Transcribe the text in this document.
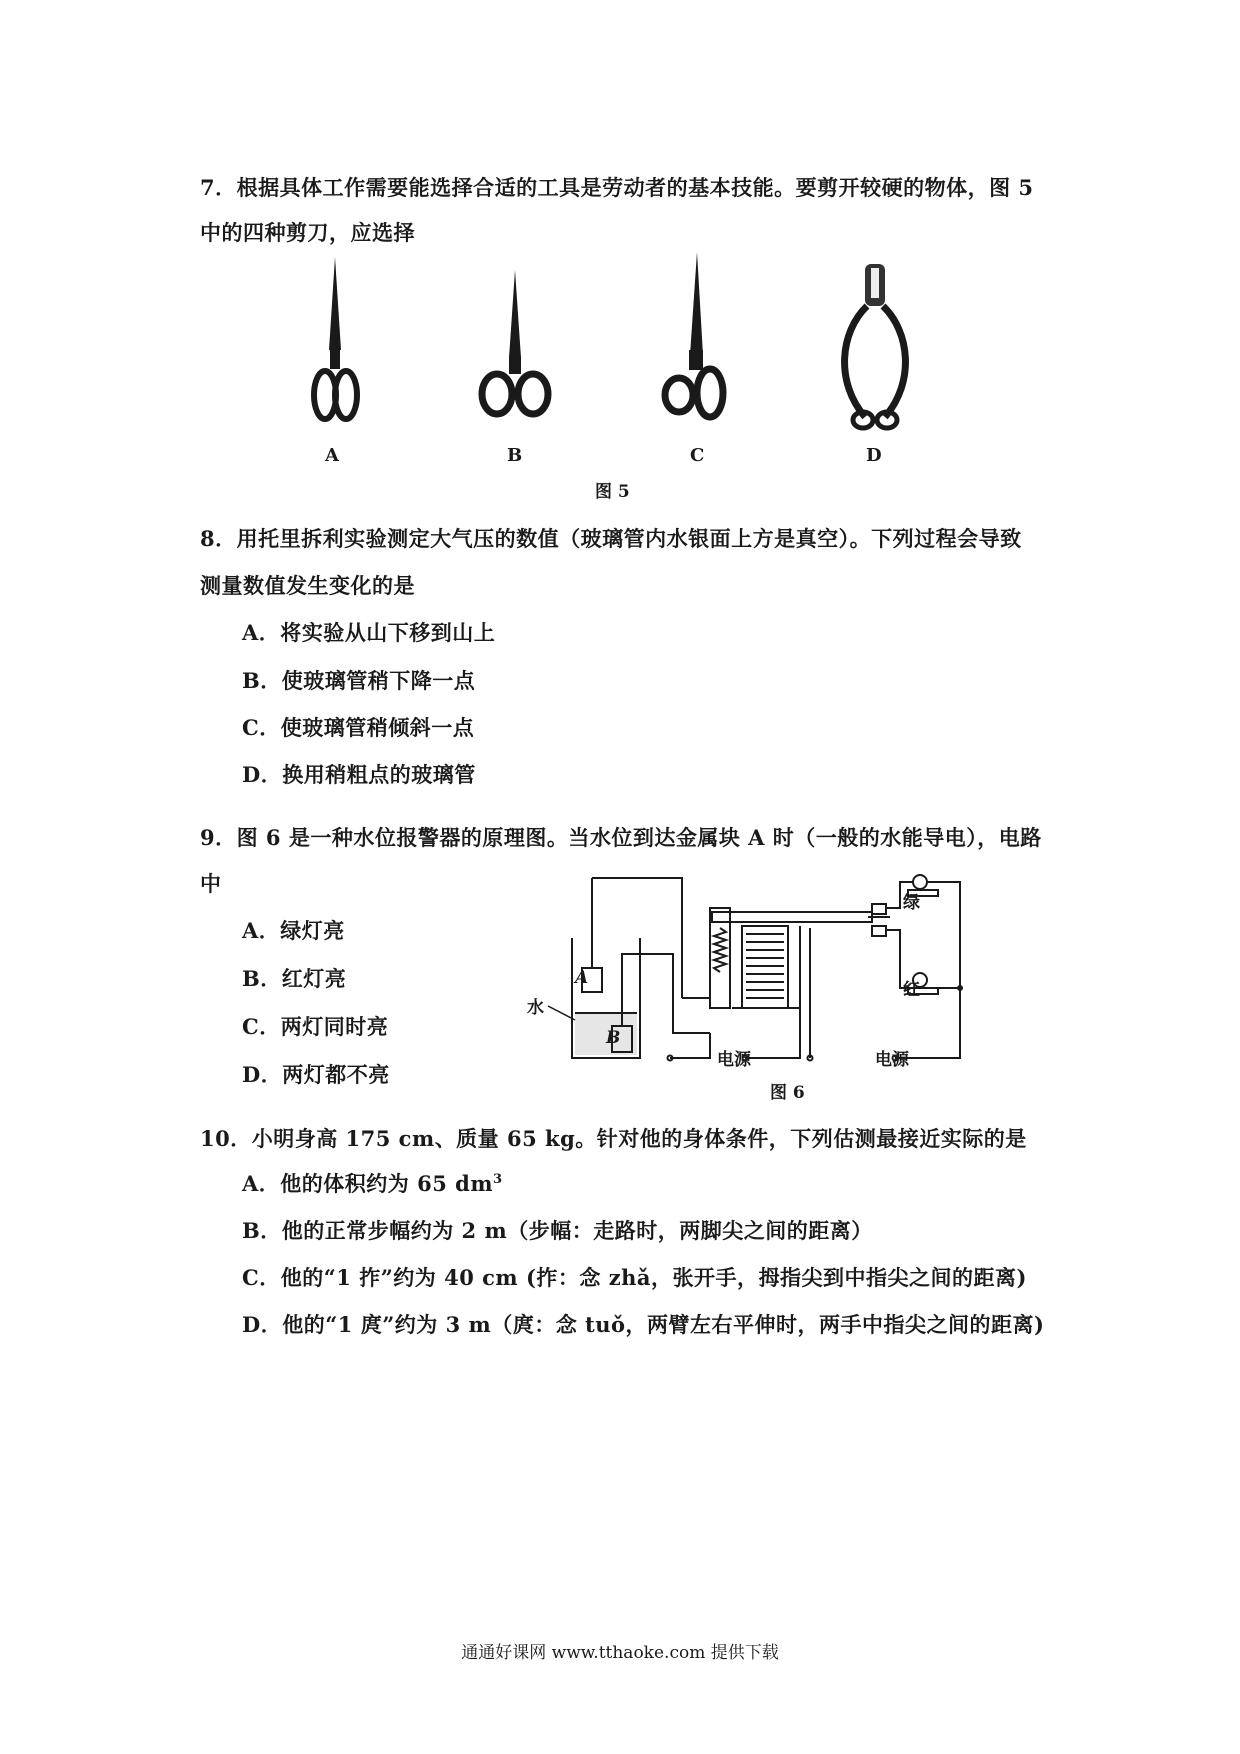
7．根据具体工作需要能选择合适的工具是劳动者的基本技能。要剪开较硬的物体，图 5
中的四种剪刀，应选择
A	B	C	D
图 5
8．用托里拆利实验测定大气压的数值（玻璃管内水银面上方是真空）。下列过程会导致
测量数值发生变化的是
A．将实验从山下移到山上
B．使玻璃管稍下降一点
C．使玻璃管稍倾斜一点
D．换用稍粗点的玻璃管
9．图 6 是一种水位报警器的原理图。当水位到达金属块 A 时（一般的水能导电），电路
中
A．绿灯亮
B．红灯亮
C．两灯同时亮
D．两灯都不亮
A
B
水
绿
红
电源	电源
图 6
10．小明身高 175 cm、质量 65 kg。针对他的身体条件，下列估测最接近实际的是
A．他的体积约为 65 $dm^3$
B．他的正常步幅约为 2 m（步幅：走路时，两脚尖之间的距离）
C．他的“1 拃”约为 40 cm (拃：念 zhǎ，张开手，拇指尖到中指尖之间的距离)
D．他的“1 庹”约为 3 m（庹：念 tuǒ，两臂左右平伸时，两手中指尖之间的距离)
通通好课网 www.tthaoke.com 提供下载
